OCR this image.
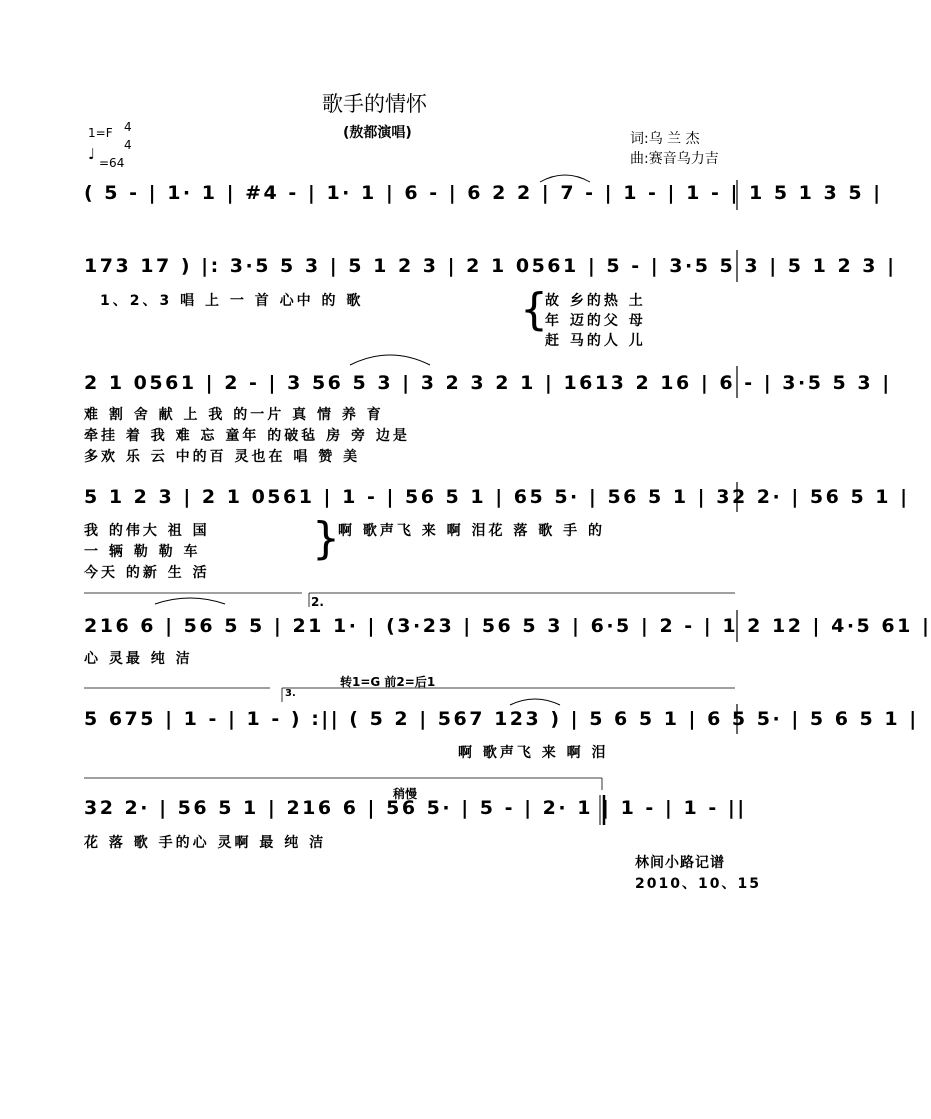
歌手的情怀
(敖都演唱)
1=F 4
4
♩ =64
词:乌 兰 杰
曲:赛音乌力吉
( 5 - | 1· 1 | #4 - | 1· 1 | 6 - | 6 2 2 | 7 - | 1 - | 1 - | 1 5 1 3 5 |
173 17 ) |: 3·5 5 3 | 5 1 2 3 | 2 1 0561 | 5 - | 3·5 5 3 | 5 1 2 3 |
1、2、3 唱 上 一 首 心中 的 歌	{
故 乡的热 土
年 迈的父 母
赶 马的人 儿
2 1 0561 | 2 - | 3 56 5 3 | 3 2 3 2 1 | 1613 2 16 | 6 - | 3·5 5 3 |
难 割 舍 献 上 我 的一片 真 情 养 育
牵挂 着 我 难 忘 童年 的破毡 房 旁 边是
多欢 乐 云 中的百 灵也在 唱 赞 美
5 1 2 3 | 2 1 0561 | 1 - | 56 5 1 | 65 5· | 56 5 1 | 32 2· | 56 5 1 |
我 的伟大 祖 国
一 辆 勒 勒 车
今天 的新 生 活
}
啊 歌声飞 来 啊 泪花 落 歌 手 的
2.
216 6 | 56 5 5 | 21 1· | (3·23 | 56 5 3 | 6·5 | 2 - | 1 2 12 | 4·5 61 |
心 灵最 纯 洁
转1=G 前2=后1
3.
5 675 | 1 - | 1 - ) :|| ( 5 2 | 567 123 ) | 5 6 5 1 | 6 5 5· | 5 6 5 1 |
啊 歌声飞 来 啊 泪
稍慢
32 2· | 56 5 1 | 216 6 | 56 5· | 5 - | 2· 1 | 1 - | 1 - ||
花 落 歌 手的心 灵啊 最 纯 洁
林间小路记谱
2010、10、15
